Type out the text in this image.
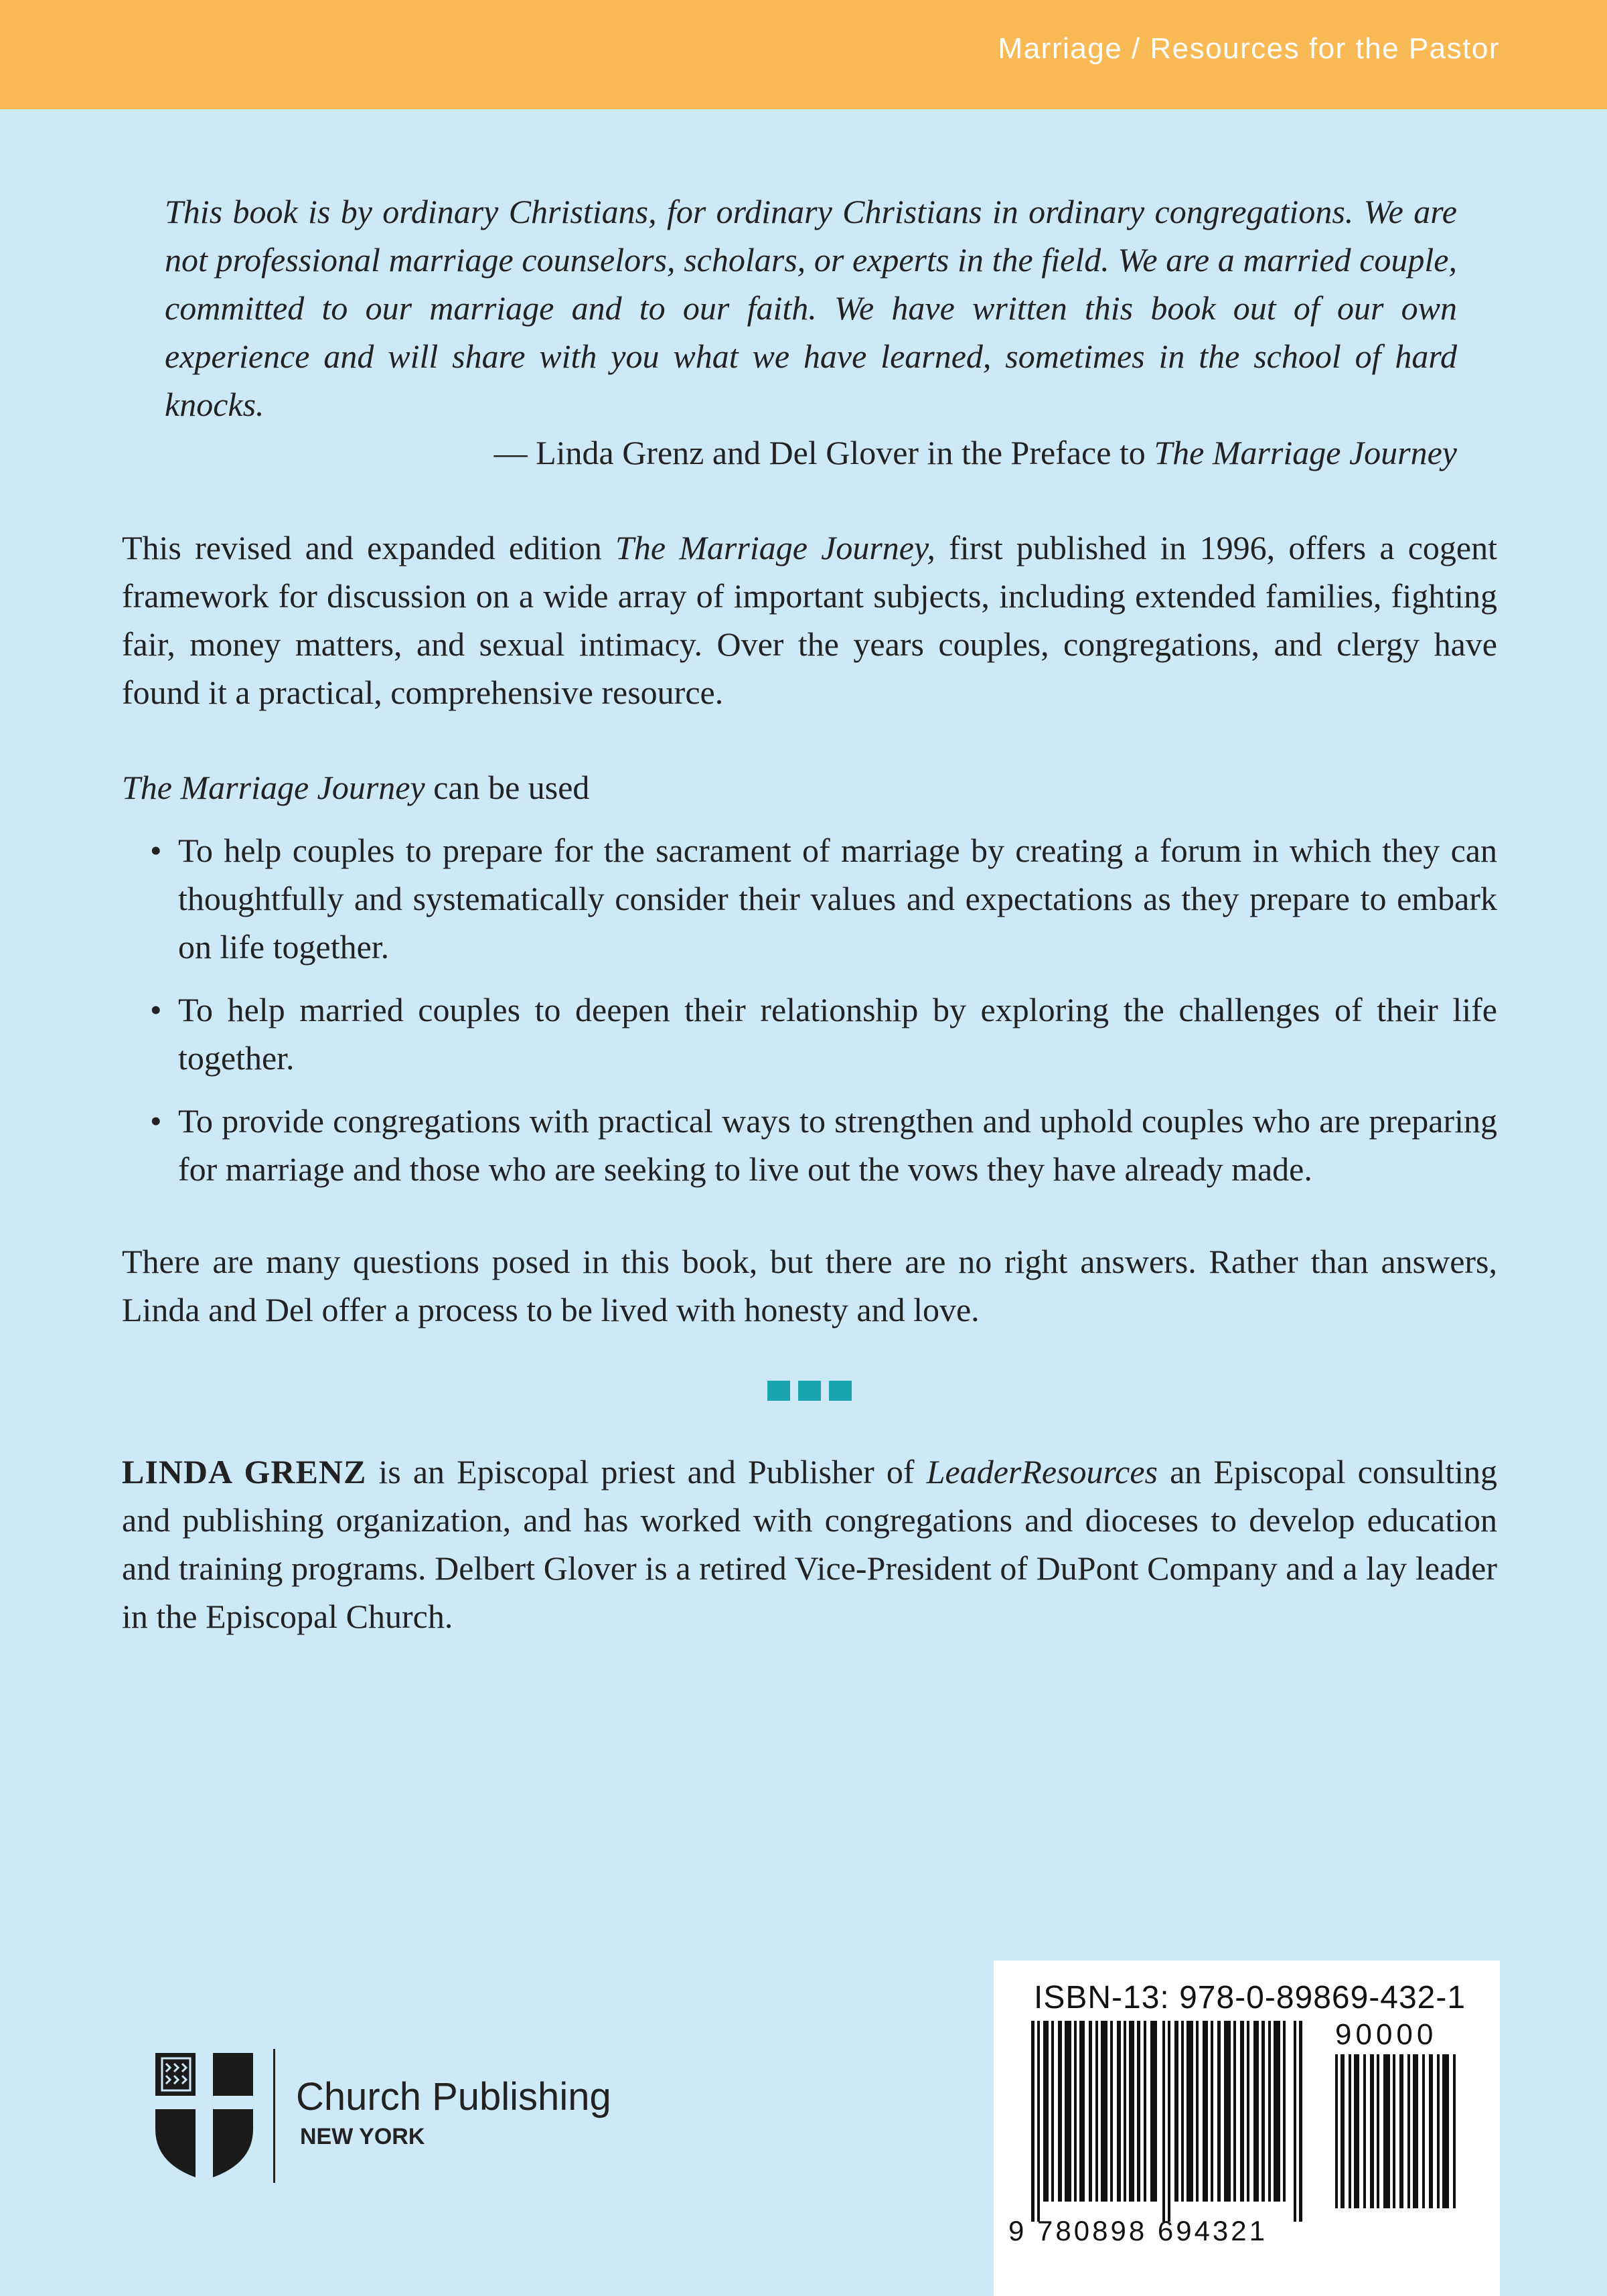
Marriage / Resources for the Pastor

This book is by ordinary Christians, for ordinary Christians in ordinary congregations. We are not professional marriage counselors, scholars, or experts in the field. We are a married couple, committed to our marriage and to our faith. We have written this book out of our own experience and will share with you what we have learned, sometimes in the school of hard knocks.

— Linda Grenz and Del Glover in the Preface to The Marriage Journey

This revised and expanded edition The Marriage Journey, first published in 1996, offers a cogent framework for discussion on a wide array of important subjects, including extended families, fighting fair, money matters, and sexual intimacy. Over the years couples, congregations, and clergy have found it a practical, comprehensive resource.

The Marriage Journey can be used

• To help couples to prepare for the sacrament of marriage by creating a forum in which they can thoughtfully and systematically consider their values and expectations as they prepare to embark on life together.
• To help married couples to deepen their relationship by exploring the challenges of their life together.
• To provide congregations with practical ways to strengthen and uphold couples who are preparing for marriage and those who are seeking to live out the vows they have already made.

There are many questions posed in this book, but there are no right answers. Rather than answers, Linda and Del offer a process to be lived with honesty and love.

LINDA GRENZ is an Episcopal priest and Publisher of LeaderResources an Episcopal consulting and publishing organization, and has worked with congregations and dioceses to develop education and training programs. Delbert Glover is a retired Vice-President of DuPont Company and a lay leader in the Episcopal Church.

Church Publishing
NEW YORK
ISBN-13: 978-0-89869-432-1
90000
9 780898 694321
